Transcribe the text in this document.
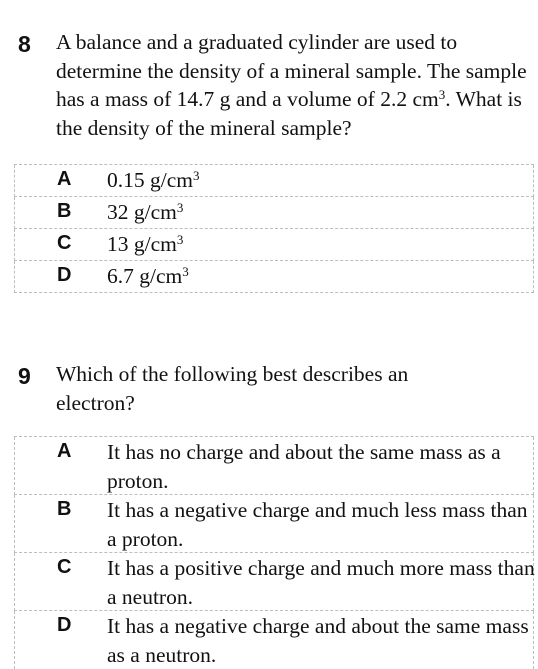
8 A balance and a graduated cylinder are used to determine the density of a mineral sample. The sample has a mass of 14.7 g and a volume of 2.2 $cm^3$. What is the density of the mineral sample?
A 0.15 $g/cm^3$
B 32 $g/cm^3$
C 13 $g/cm^3$
D 6.7 $g/cm^3$
9 Which of the following best describes an electron?
A It has no charge and about the same mass as a proton.
B It has a negative charge and much less mass than a proton.
C It has a positive charge and much more mass than a neutron.
D It has a negative charge and about the same mass as a neutron.
